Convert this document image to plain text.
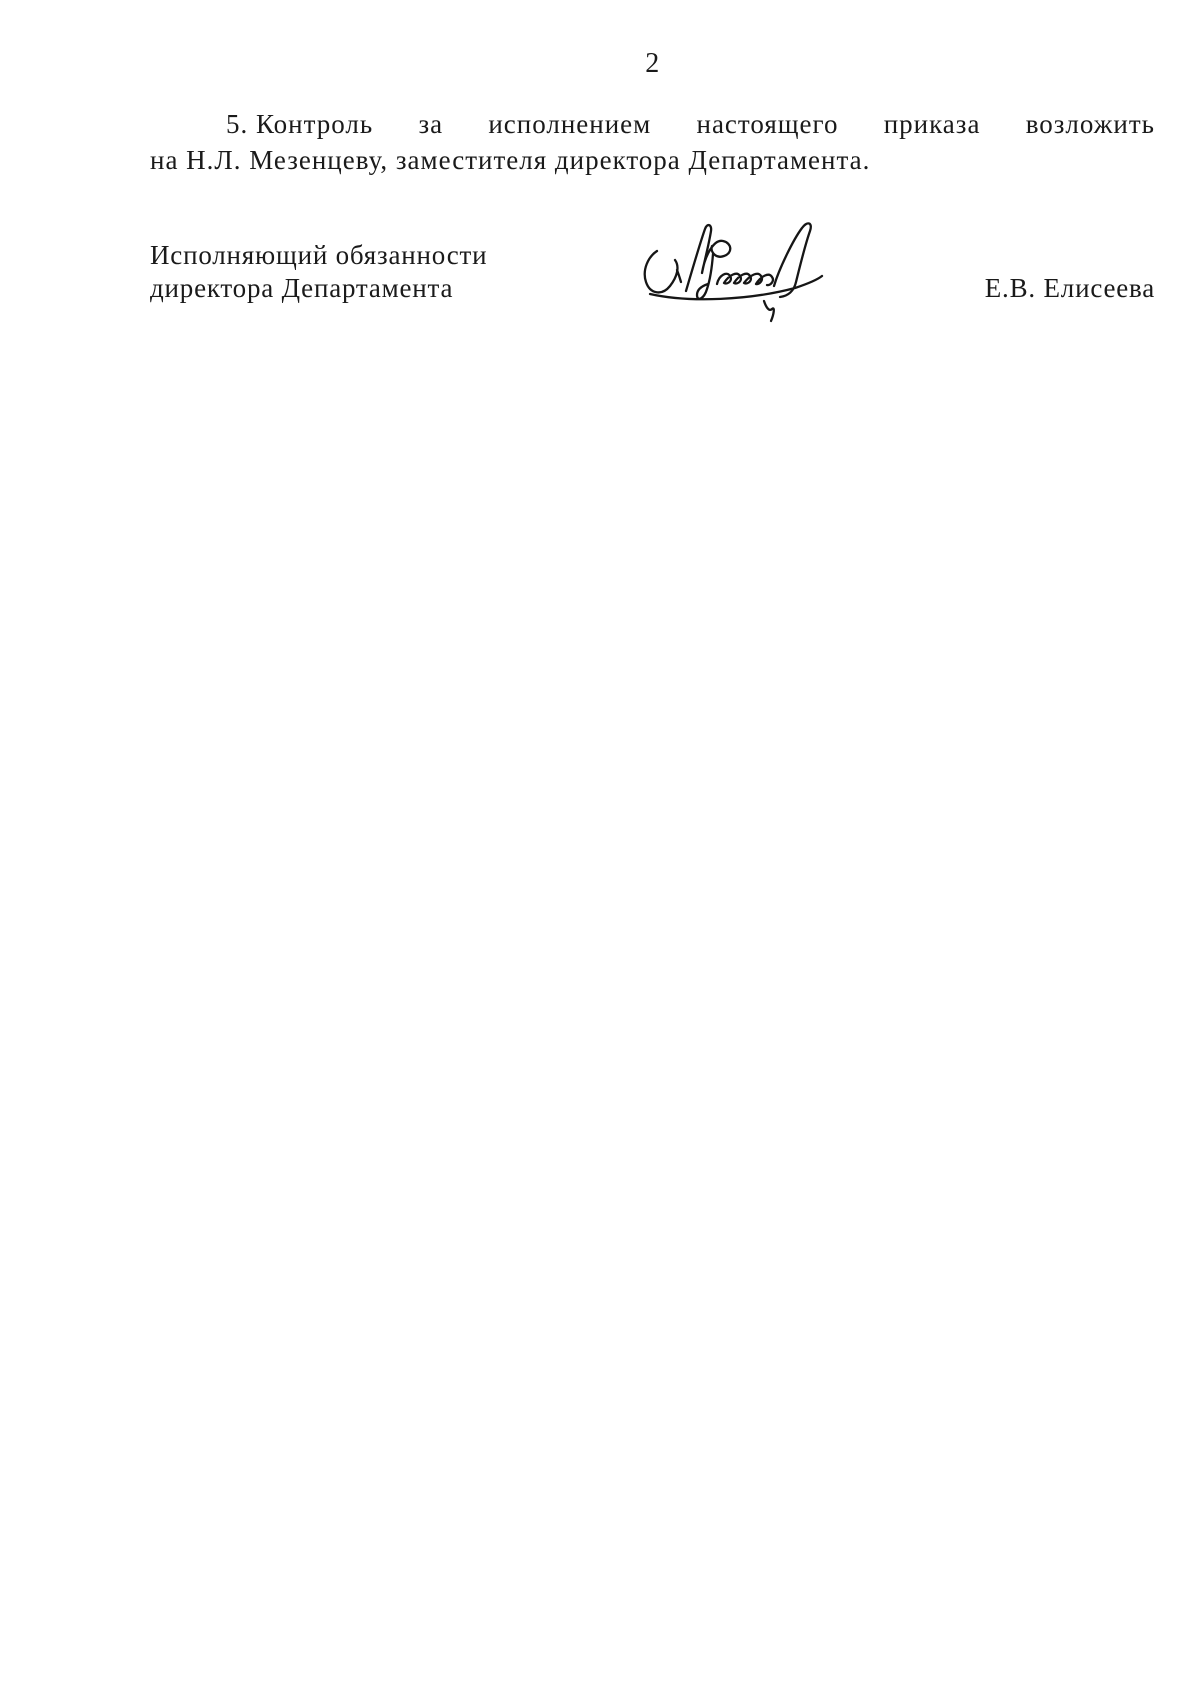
2
5. Контроль за исполнением настоящего приказа возложить
на Н.Л. Мезенцеву, заместителя директора Департамента.
Исполняющий обязанности
директора Департамента	Е.В. Елисеева
